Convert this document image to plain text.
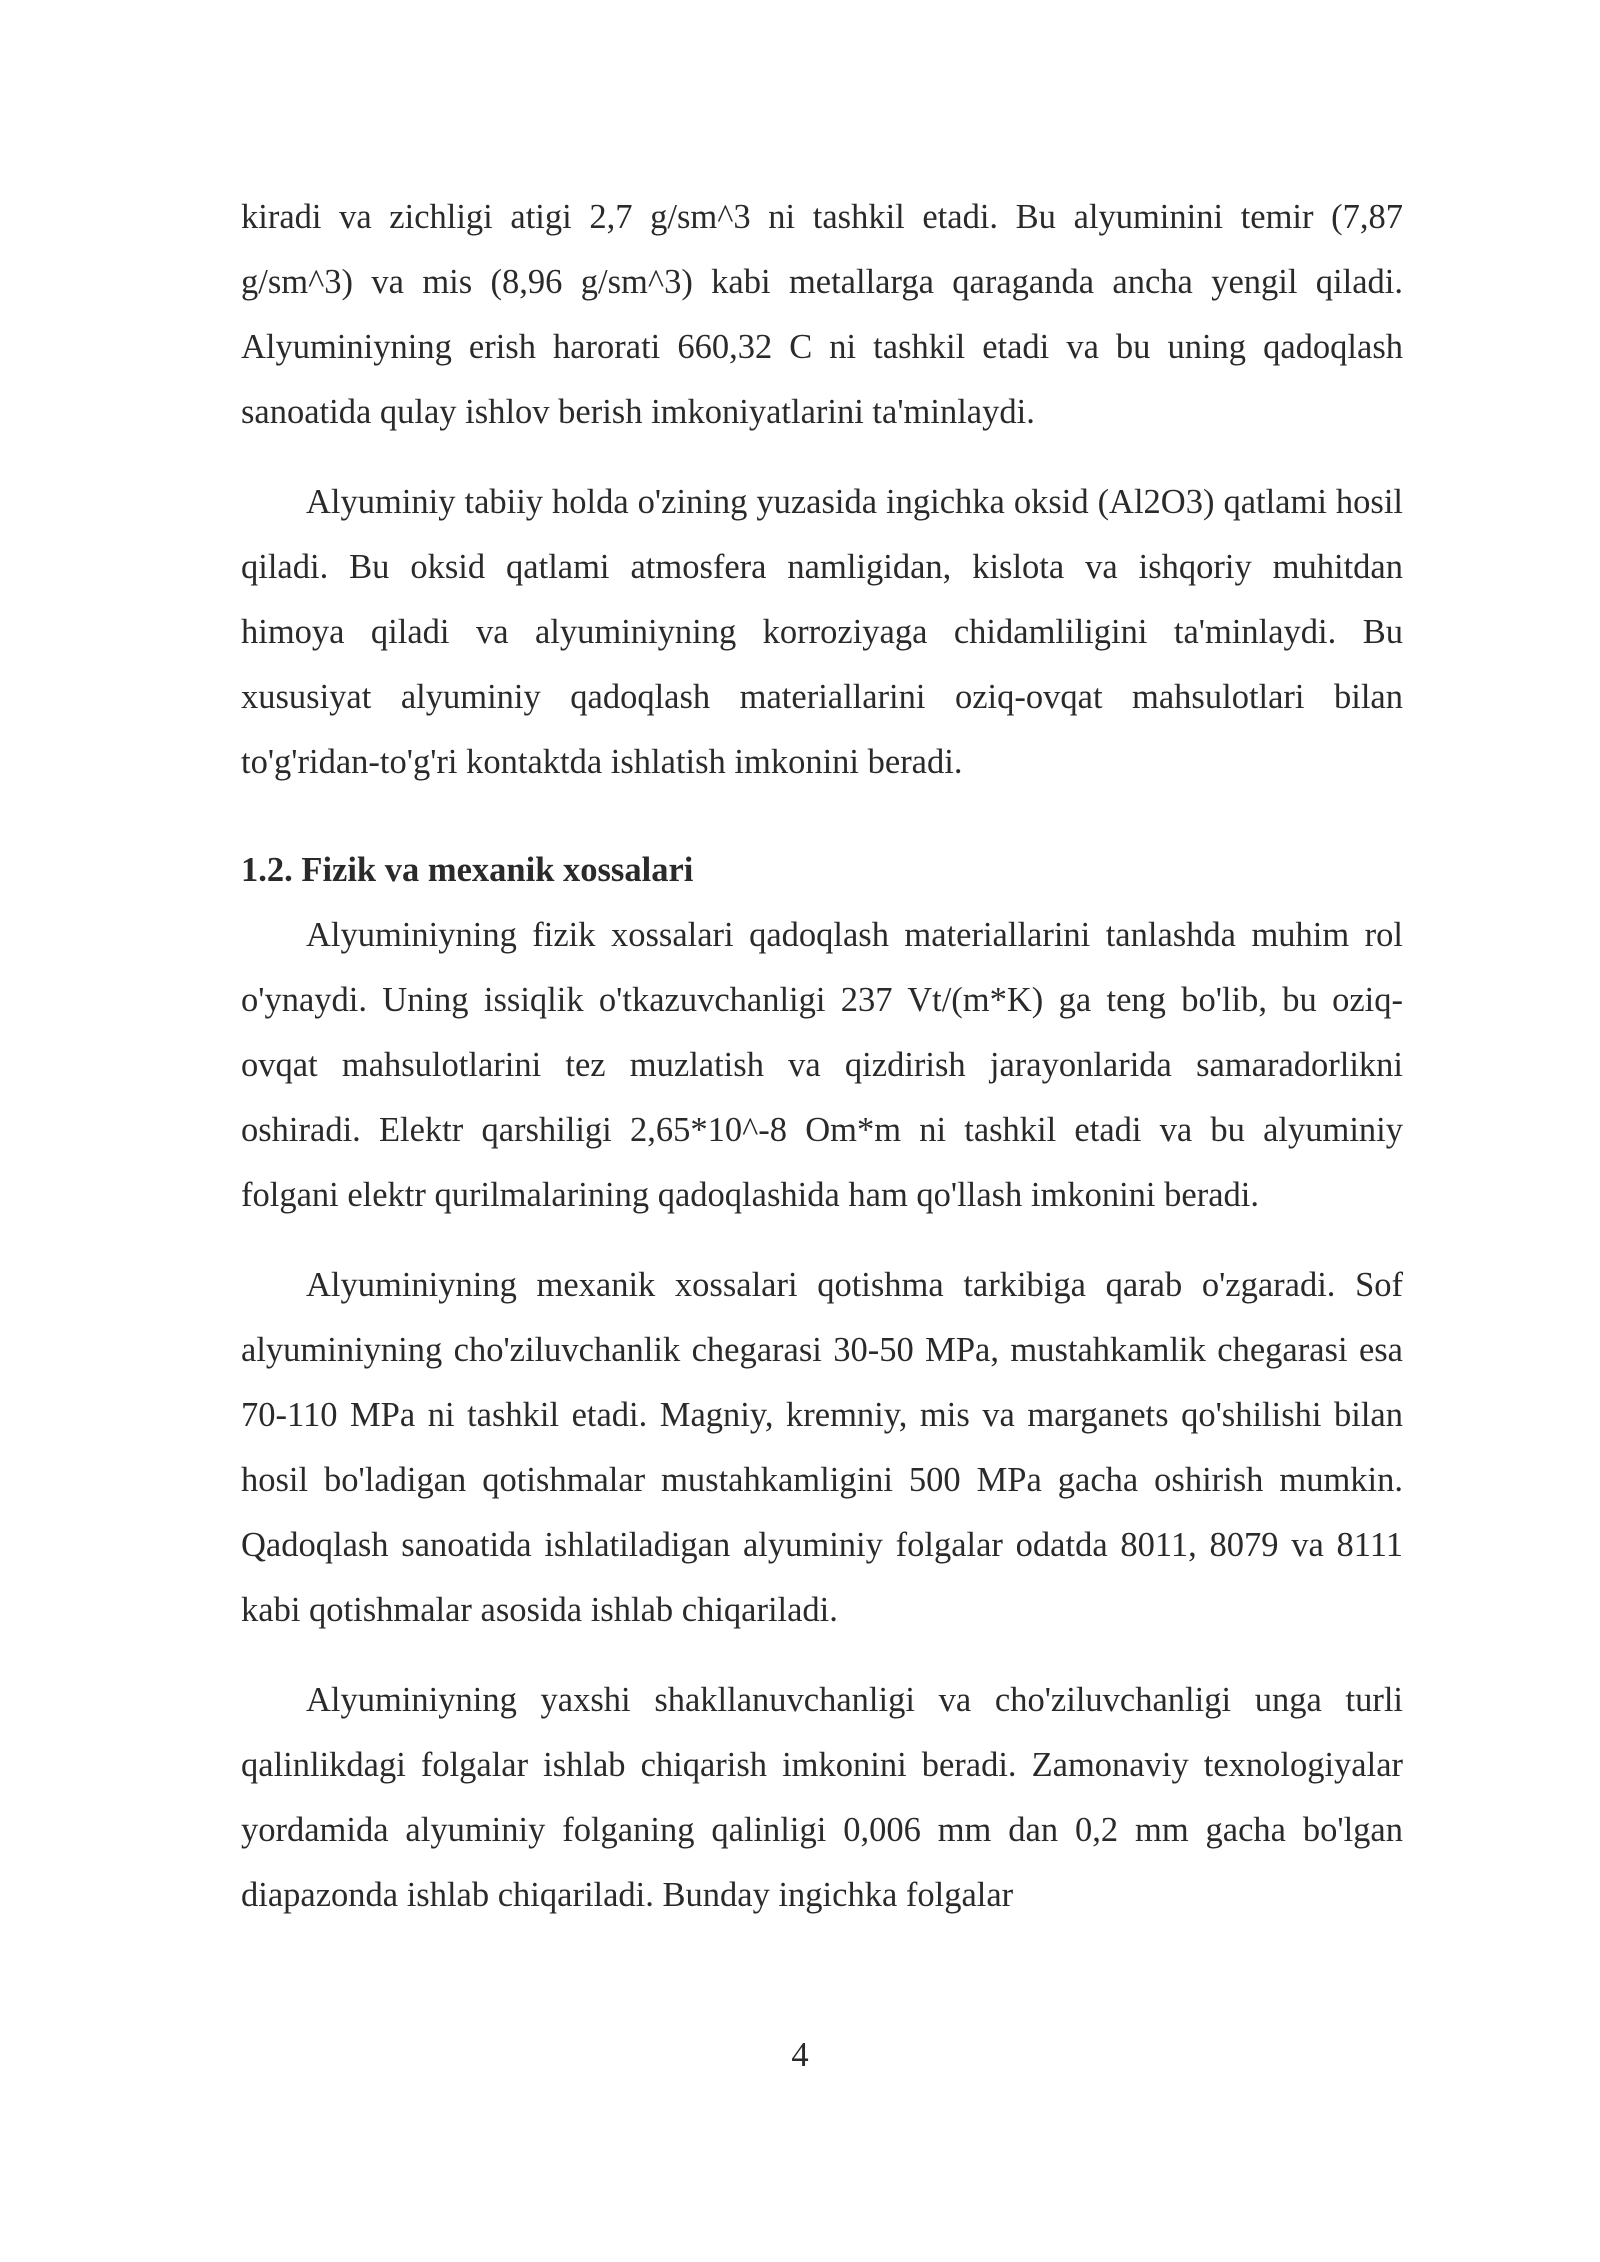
kiradi va zichligi atigi 2,7 g/sm^3 ni tashkil etadi. Bu alyuminini temir (7,87 g/sm^3) va mis (8,96 g/sm^3) kabi metallarga qaraganda ancha yengil qiladi. Alyuminiyning erish harorati 660,32 C ni tashkil etadi va bu uning qadoqlash sanoatida qulay ishlov berish imkoniyatlarini ta'minlaydi.

Alyuminiy tabiiy holda o'zining yuzasida ingichka oksid (Al2O3) qatlami hosil qiladi. Bu oksid qatlami atmosfera namligidan, kislota va ishqoriy muhitdan himoya qiladi va alyuminiyning korroziyaga chidamliligini ta'minlaydi. Bu xususiyat alyuminiy qadoqlash materiallarini oziq-ovqat mahsulotlari bilan to'g'ridan-to'g'ri kontaktda ishlatish imkonini beradi.

1.2. Fizik va mexanik xossalari

Alyuminiyning fizik xossalari qadoqlash materiallarini tanlashda muhim rol o'ynaydi. Uning issiqlik o'tkazuvchanligi 237 Vt/(m*K) ga teng bo'lib, bu oziq-ovqat mahsulotlarini tez muzlatish va qizdirish jarayonlarida samaradorlikni oshiradi. Elektr qarshiligi 2,65*10^-8 Om*m ni tashkil etadi va bu alyuminiy folgani elektr qurilmalarining qadoqlashida ham qo'llash imkonini beradi.

Alyuminiyning mexanik xossalari qotishma tarkibiga qarab o'zgaradi. Sof alyuminiyning cho'ziluvchanlik chegarasi 30-50 MPa, mustahkamlik chegarasi esa 70-110 MPa ni tashkil etadi. Magniy, kremniy, mis va marganets qo'shilishi bilan hosil bo'ladigan qotishmalar mustahkamligini 500 MPa gacha oshirish mumkin. Qadoqlash sanoatida ishlatiladigan alyuminiy folgalar odatda 8011, 8079 va 8111 kabi qotishmalar asosida ishlab chiqariladi.

Alyuminiyning yaxshi shakllanuvchanligi va cho'ziluvchanligi unga turli qalinlikdagi folgalar ishlab chiqarish imkonini beradi. Zamonaviy texnologiyalar yordamida alyuminiy folganing qalinligi 0,006 mm dan 0,2 mm gacha bo'lgan diapazonda ishlab chiqariladi. Bunday ingichka folgalar

4
